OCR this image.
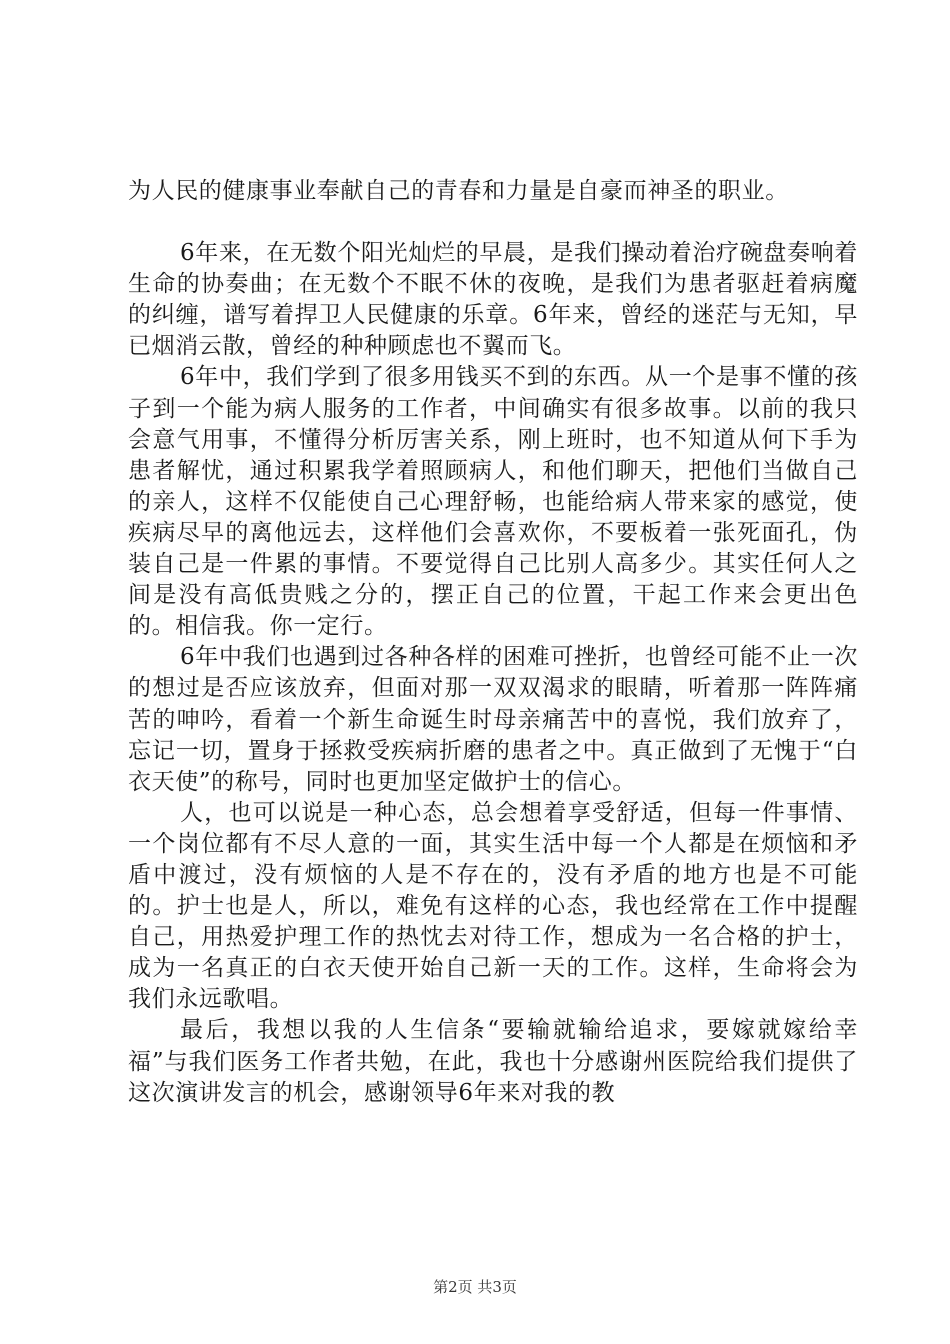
为人民的健康事业奉献自己的青春和力量是自豪而神圣的职业。

6年来，在无数个阳光灿烂的早晨，是我们操动着治疗碗盘奏响着生命的协奏曲；在无数个不眠不休的夜晚，是我们为患者驱赶着病魔的纠缠，谱写着捍卫人民健康的乐章。6年来，曾经的迷茫与无知，早已烟消云散，曾经的种种顾虑也不翼而飞。

6年中，我们学到了很多用钱买不到的东西。从一个是事不懂的孩子到一个能为病人服务的工作者，中间确实有很多故事。以前的我只会意气用事，不懂得分析厉害关系，刚上班时，也不知道从何下手为患者解忧，通过积累我学着照顾病人，和他们聊天，把他们当做自己的亲人，这样不仅能使自己心理舒畅，也能给病人带来家的感觉，使疾病尽早的离他远去，这样他们会喜欢你，不要板着一张死面孔，伪装自己是一件累的事情。不要觉得自己比别人高多少。其实任何人之间是没有高低贵贱之分的，摆正自己的位置，干起工作来会更出色的。相信我。你一定行。

6年中我们也遇到过各种各样的困难可挫折，也曾经可能不止一次的想过是否应该放弃，但面对那一双双渴求的眼睛，听着那一阵阵痛苦的呻吟，看着一个新生命诞生时母亲痛苦中的喜悦，我们放弃了，忘记一切，置身于拯救受疾病折磨的患者之中。真正做到了无愧于“白衣天使”的称号，同时也更加坚定做护士的信心。

人，也可以说是一种心态，总会想着享受舒适，但每一件事情、一个岗位都有不尽人意的一面，其实生活中每一个人都是在烦恼和矛盾中渡过，没有烦恼的人是不存在的，没有矛盾的地方也是不可能的。护士也是人，所以，难免有这样的心态，我也经常在工作中提醒自己，用热爱护理工作的热忱去对待工作，想成为一名合格的护士，成为一名真正的白衣天使开始自己新一天的工作。这样，生命将会为我们永远歌唱。

最后，我想以我的人生信条“要输就输给追求，要嫁就嫁给幸福”与我们医务工作者共勉，在此，我也十分感谢州医院给我们提供了这次演讲发言的机会，感谢领导6年来对我的教

第2页 共3页
